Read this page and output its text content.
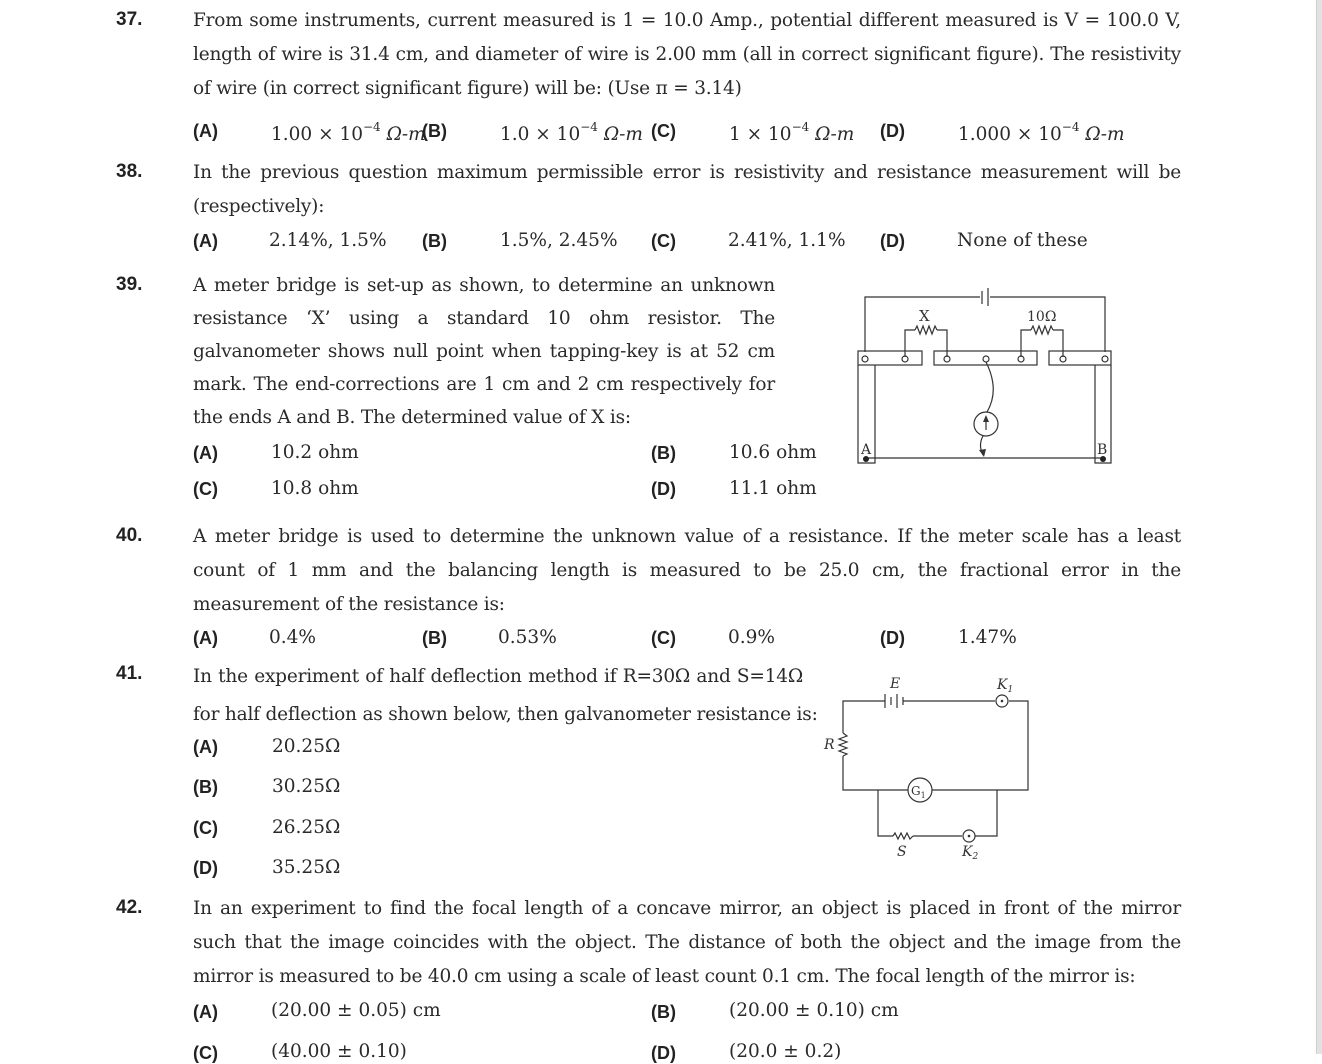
37.	From some instruments, current measured is 1 = 10.0 Amp., potential different measured is V = 100.0 V,
length of wire is 31.4 cm, and diameter of wire is 2.00 mm (all in correct significant figure). The resistivity
of wire (in correct significant figure) will be: (Use π = 3.14)
(A)	$1.00 \times 10^{-4}$ Ω-m
(B)	$1.0 \times 10^{-4}$ Ω-m (C)	$1 \times 10^{-4}$ Ω-m (D)	$1.000 \times 10^{-4}$ Ω-m
38.	In the previous question maximum permissible error is resistivity and resistance measurement will be
(respectively):
(A)	2.14%, 1.5% (B)	1.5%, 2.45% (C)	2.41%, 1.1% (D)	None of these
39.	A meter bridge is set-up as shown, to determine an unknown
resistance ‘X’ using a standard 10 ohm resistor. The
galvanometer shows null point when tapping-key is at 52 cm
mark. The end-corrections are 1 cm and 2 cm respectively for
the ends A and B. The determined value of X is:
(A)	10.2 ohm	(B)	10.6 ohm
(C)	10.8 ohm	(D)	11.1 ohm
X	10Ω
A	B
40.	A meter bridge is used to determine the unknown value of a resistance. If the meter scale has a least
count of 1 mm and the balancing length is measured to be 25.0 cm, the fractional error in the
measurement of the resistance is:
(A)	0.4%	(B)	0.53%	(C)	0.9%	(D)	1.47%
41.	In the experiment of half deflection method if R=30Ω and S=14Ω
for half deflection as shown below, then galvanometer resistance is:
(A)	20.25Ω
(B)	30.25Ω
(C)	26.25Ω
(D)	35.25Ω
E	$K_1$
R
$G_1$
S	$K_2$
42.	In an experiment to find the focal length of a concave mirror, an object is placed in front of the mirror
such that the image coincides with the object. The distance of both the object and the image from the
mirror is measured to be 40.0 cm using a scale of least count 0.1 cm. The focal length of the mirror is:
(A)	(20.00 ± 0.05) cm	(B)	(20.00 ± 0.10) cm
(C)	(40.00 ± 0.10)	(D)	(20.0 ± 0.2)
